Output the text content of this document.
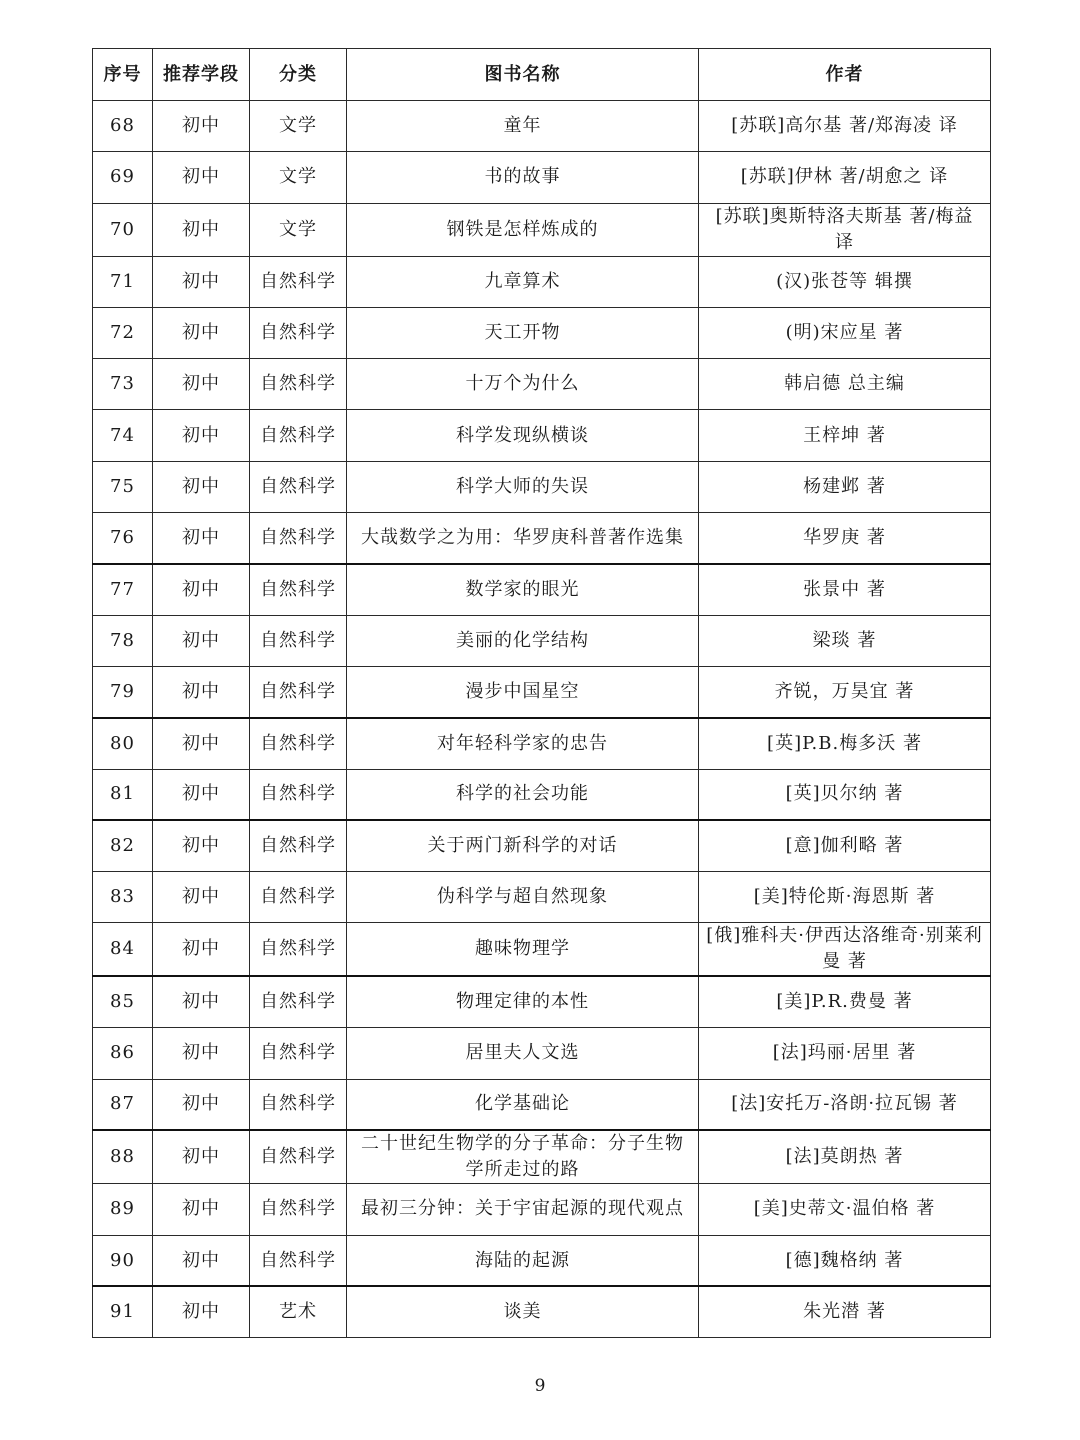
序号	推荐学段	分类	图书名称	作者
68	初中	文学	童年	[苏联]高尔基 著/郑海凌 译
69	初中	文学	书的故事	[苏联]伊林 著/胡愈之 译
70	初中	文学	钢铁是怎样炼成的	[苏联]奥斯特洛夫斯基 著/梅益 译
71	初中	自然科学	九章算术	(汉)张苍等 辑撰
72	初中	自然科学	天工开物	(明)宋应星 著
73	初中	自然科学	十万个为什么	韩启德 总主编
74	初中	自然科学	科学发现纵横谈	王梓坤 著
75	初中	自然科学	科学大师的失误	杨建邺 著
76	初中	自然科学	大哉数学之为用：华罗庚科普著作选集	华罗庚 著
77	初中	自然科学	数学家的眼光	张景中 著
78	初中	自然科学	美丽的化学结构	梁琰 著
79	初中	自然科学	漫步中国星空	齐锐，万昊宜 著
80	初中	自然科学	对年轻科学家的忠告	[英]P.B.梅多沃 著
81	初中	自然科学	科学的社会功能	[英]贝尔纳 著
82	初中	自然科学	关于两门新科学的对话	[意]伽利略 著
83	初中	自然科学	伪科学与超自然现象	[美]特伦斯·海恩斯 著
84	初中	自然科学	趣味物理学	[俄]雅科夫·伊西达洛维奇·别莱利曼 著
85	初中	自然科学	物理定律的本性	[美]P.R.费曼 著
86	初中	自然科学	居里夫人文选	[法]玛丽·居里 著
87	初中	自然科学	化学基础论	[法]安托万-洛朗·拉瓦锡 著
88	初中	自然科学	二十世纪生物学的分子革命：分子生物学所走过的路	[法]莫朗热 著
89	初中	自然科学	最初三分钟：关于宇宙起源的现代观点	[美]史蒂文·温伯格 著
90	初中	自然科学	海陆的起源	[德]魏格纳 著
91	初中	艺术	谈美	朱光潜 著
9
